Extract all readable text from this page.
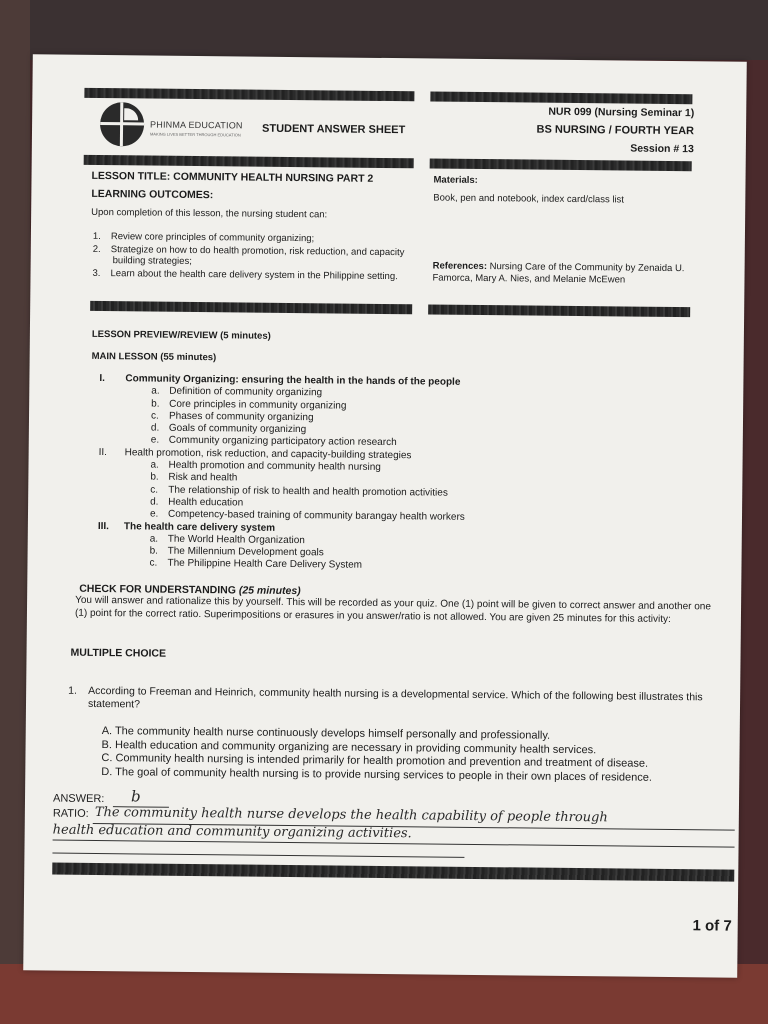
PHINMA EDUCATION
MAKING LIVES BETTER THROUGH EDUCATION STUDENT ANSWER SHEET
NUR 099 (Nursing Seminar 1)
BS NURSING / FOURTH YEAR
Session # 13
LESSON TITLE: COMMUNITY HEALTH NURSING PART 2
LEARNING OUTCOMES:
Upon completion of this lesson, the nursing student can:
1. Review core principles of community organizing;
2. Strategize on how to do health promotion, risk reduction, and capacity building strategies;
3. Learn about the health care delivery system in the Philippine setting.
Materials:
Book, pen and notebook, index card/class list
References: Nursing Care of the Community by Zenaida U. Famorca, Mary A. Nies, and Melanie McEwen
LESSON PREVIEW/REVIEW (5 minutes)
MAIN LESSON (55 minutes)
I.	Community Organizing: ensuring the health in the hands of the people
a. Definition of community organizing
b. Core principles in community organizing
c.	Phases of community organizing
d. Goals of community organizing
e. Community organizing participatory action research
II.	Health promotion, risk reduction, and capacity-building strategies
a. Health promotion and community health nursing
b. Risk and health
c.	The relationship of risk to health and health promotion activities
d. Health education
e. Competency-based training of community barangay health workers
III.	The health care delivery system
a. The World Health Organization
b. The Millennium Development goals
c.	The Philippine Health Care Delivery System
CHECK FOR UNDERSTANDING (25 minutes)
You will answer and rationalize this by yourself. This will be recorded as your quiz. One (1) point will be given to correct answer and another one (1) point for the correct ratio. Superimpositions or erasures in you answer/ratio is not allowed. You are given 25 minutes for this activity:
MULTIPLE CHOICE
1.	According to Freeman and Heinrich, community health nursing is a developmental service. Which of the following best illustrates this statement?
A. The community health nurse continuously develops himself personally and professionally.
B. Health education and community organizing are necessary in providing community health services.
C. Community health nursing is intended primarily for health promotion and prevention and treatment of disease.
D. The goal of community health nursing is to provide nursing services to people in their own places of residence.
ANSWER: b
RATIO: The community health nurse develops the health capability of people through
health education and community organizing activities.
1 of 7
